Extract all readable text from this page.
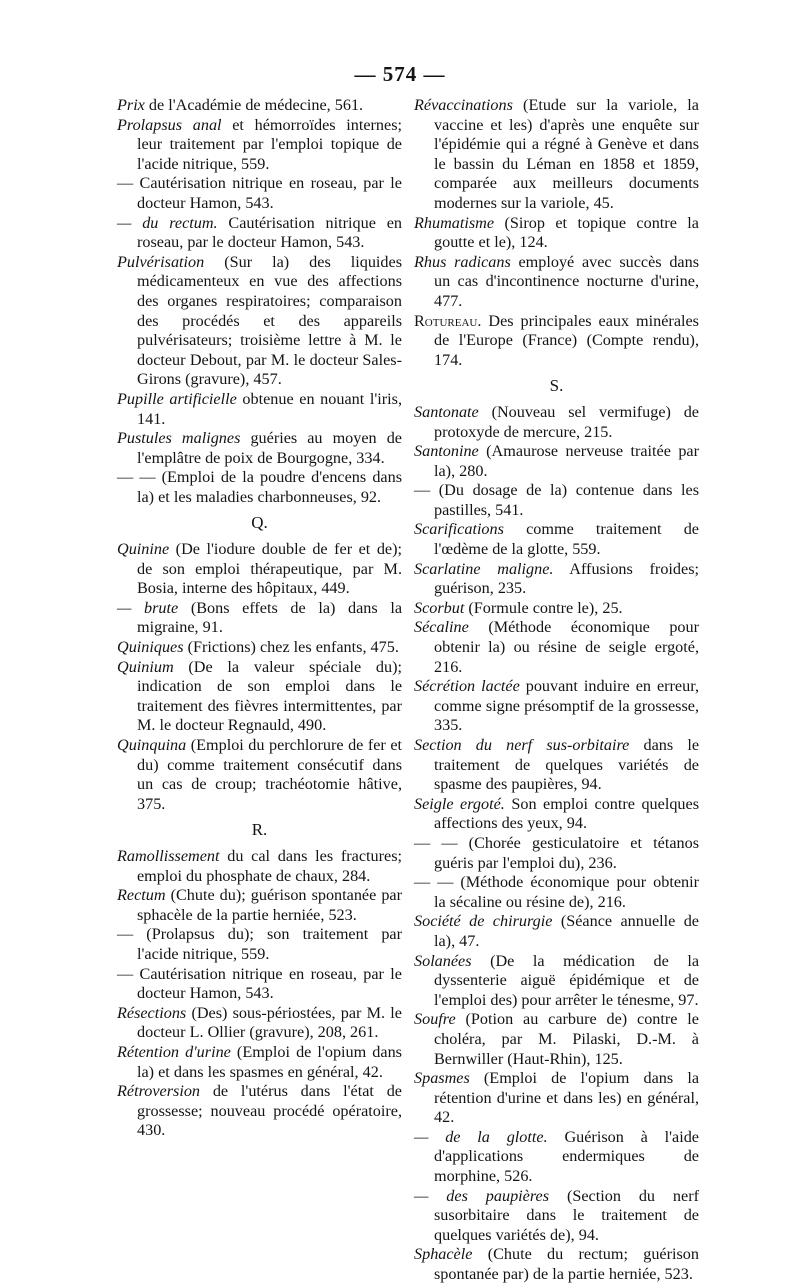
— 574 —

Prix de l'Académie de médecine, 561.

Prolapsus anal et hémorroïdes internes; leur traitement par l'emploi topique de l'acide nitrique, 559.

— Cautérisation nitrique en roseau, par le docteur Hamon, 543.

— du rectum. Cautérisation nitrique en roseau, par le docteur Hamon, 543.

Pulvérisation (Sur la) des liquides médicamenteux en vue des affections des organes respiratoires; comparaison des procédés et des appareils pulvérisateurs; troisième lettre à M. le docteur Debout, par M. le docteur Sales-Girons (gravure), 457.

Pupille artificielle obtenue en nouant l'iris, 141.

Pustules malignes guéries au moyen de l'emplâtre de poix de Bourgogne, 334.

— — (Emploi de la poudre d'encens dans la) et les maladies charbonneuses, 92.

Q.

Quinine (De l'iodure double de fer et de); de son emploi thérapeutique, par M. Bosia, interne des hôpitaux, 449.

— brute (Bons effets de la) dans la migraine, 91.

Quiniques (Frictions) chez les enfants, 475.

Quinium (De la valeur spéciale du); indication de son emploi dans le traitement des fièvres intermittentes, par M. le docteur Regnauld, 490.

Quinquina (Emploi du perchlorure de fer et du) comme traitement consécutif dans un cas de croup; trachéotomie hâtive, 375.

R.

Ramollissement du cal dans les fractures; emploi du phosphate de chaux, 284.

Rectum (Chute du); guérison spontanée par sphacèle de la partie herniée, 523.

— (Prolapsus du); son traitement par l'acide nitrique, 559.

— Cautérisation nitrique en roseau, par le docteur Hamon, 543.

Résections (Des) sous-périostées, par M. le docteur L. Ollier (gravure), 208, 261.

Rétention d'urine (Emploi de l'opium dans la) et dans les spasmes en général, 42.

Rétroversion de l'utérus dans l'état de grossesse; nouveau procédé opératoire, 430.

Révaccinations (Etude sur la variole, la vaccine et les) d'après une enquête sur l'épidémie qui a régné à Genève et dans le bassin du Léman en 1858 et 1859, comparée aux meilleurs documents modernes sur la variole, 45.

Rhumatisme (Sirop et topique contre la goutte et le), 124.

Rhus radicans employé avec succès dans un cas d'incontinence nocturne d'urine, 477.

Rotureau. Des principales eaux minérales de l'Europe (France) (Compte rendu), 174.

S.

Santonate (Nouveau sel vermifuge) de protoxyde de mercure, 215.

Santonine (Amaurose nerveuse traitée par la), 280.

— (Du dosage de la) contenue dans les pastilles, 541.

Scarifications comme traitement de l'œdème de la glotte, 559.

Scarlatine maligne. Affusions froides; guérison, 235.

Scorbut (Formule contre le), 25.

Sécaline (Méthode économique pour obtenir la) ou résine de seigle ergoté, 216.

Sécrétion lactée pouvant induire en erreur, comme signe présomptif de la grossesse, 335.

Section du nerf sus-orbitaire dans le traitement de quelques variétés de spasme des paupières, 94.

Seigle ergoté. Son emploi contre quelques affections des yeux, 94.

— — (Chorée gesticulatoire et tétanos guéris par l'emploi du), 236.

— — (Méthode économique pour obtenir la sécaline ou résine de), 216.

Société de chirurgie (Séance annuelle de la), 47.

Solanées (De la médication de la dyssenterie aiguë épidémique et de l'emploi des) pour arrêter le ténesme, 97.

Soufre (Potion au carbure de) contre le choléra, par M. Pilaski, D.-M. à Bernwiller (Haut-Rhin), 125.

Spasmes (Emploi de l'opium dans la rétention d'urine et dans les) en général, 42.

— de la glotte. Guérison à l'aide d'applications endermiques de morphine, 526.

— des paupières (Section du nerf susorbitaire dans le traitement de quelques variétés de), 94.

Sphacèle (Chute du rectum; guérison spontanée par) de la partie herniée, 523.
